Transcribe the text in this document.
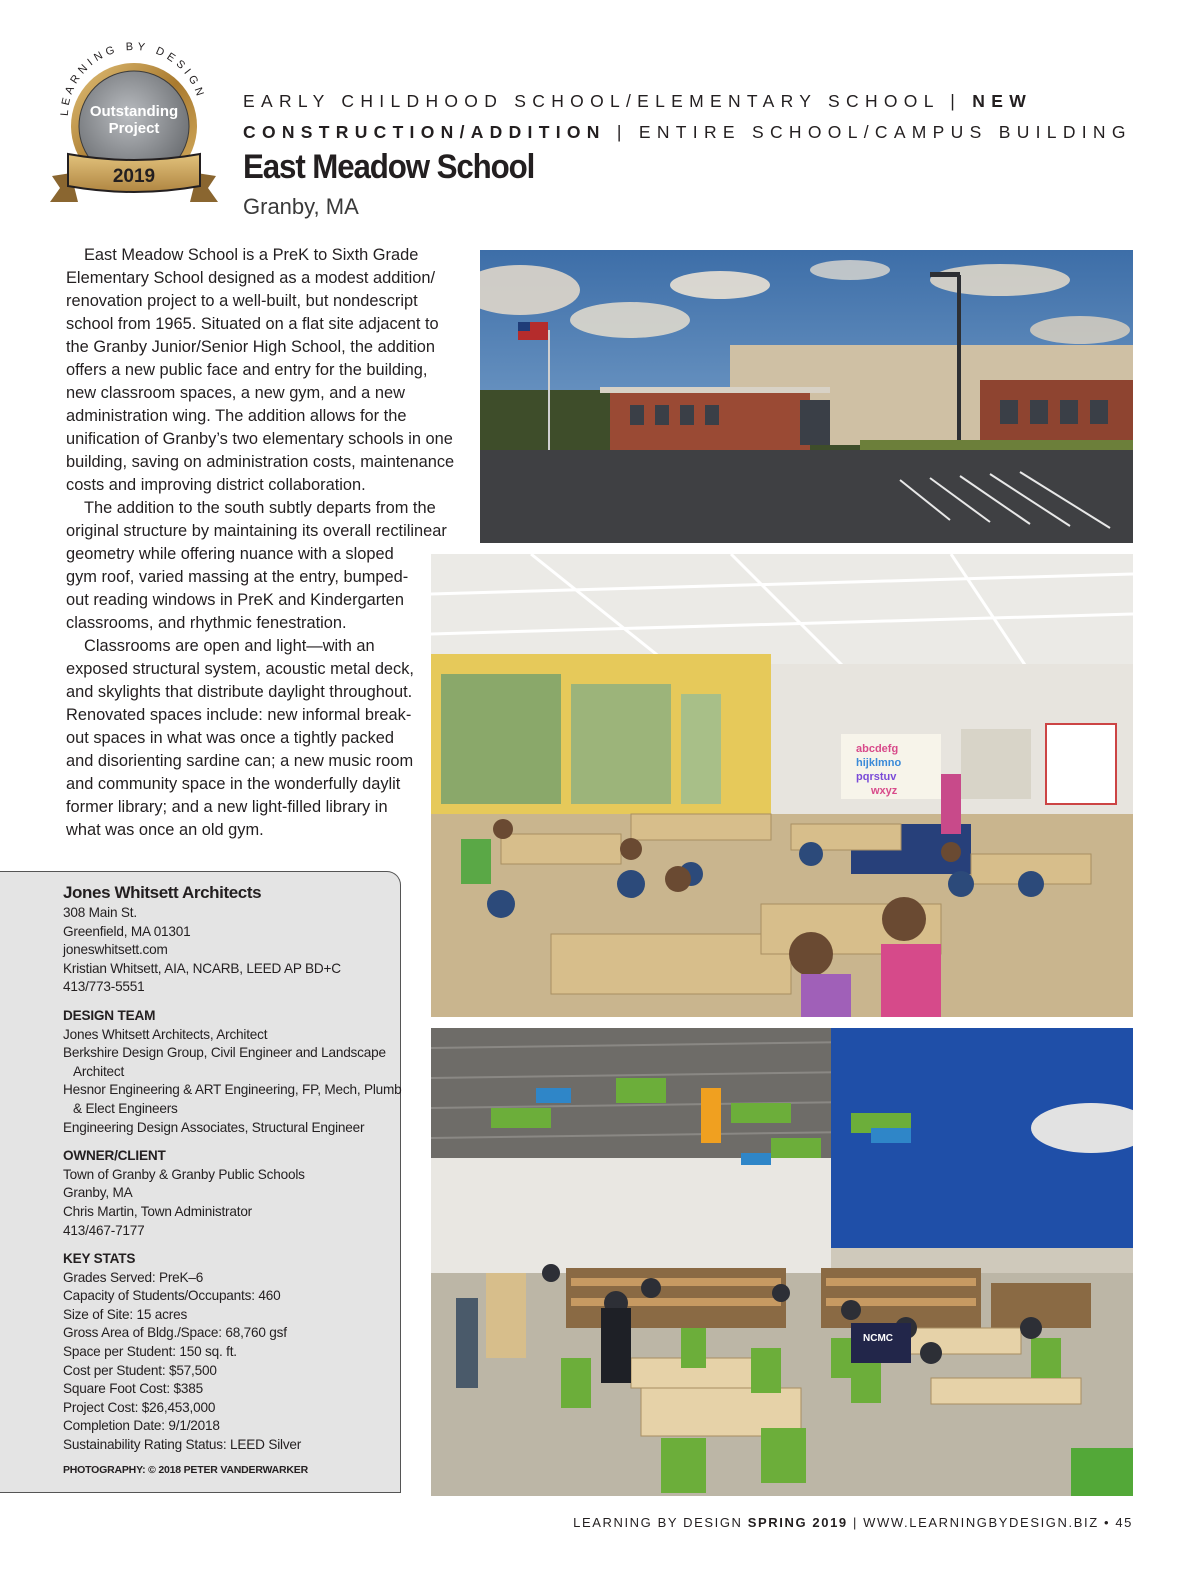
LEARNING BY DESIGN
Outstanding
Project
2019
EARLY CHILDHOOD SCHOOL/ELEMENTARY SCHOOL | NEW
CONSTRUCTION/ADDITION | ENTIRE SCHOOL/CAMPUS BUILDING
East Meadow School
Granby, MA
East Meadow School is a PreK to Sixth Grade
Elementary School designed as a modest addition/
renovation project to a well-built, but nondescript
school from 1965. Situated on a flat site adjacent to
the Granby Junior/Senior High School, the addition
offers a new public face and entry for the building,
new classroom spaces, a new gym, and a new
administration wing. The addition allows for the
unification of Granby’s two elementary schools in one
building, saving on administration costs, maintenance
costs and improving district collaboration.
The addition to the south subtly departs from the
original structure by maintaining its overall rectilinear
geometry while offering nuance with a sloped
gym roof, varied massing at the entry, bumped-
out reading windows in PreK and Kindergarten
classrooms, and rhythmic fenestration.
Classrooms are open and light—with an
exposed structural system, acoustic metal deck,
and skylights that distribute daylight throughout.
Renovated spaces include: new informal break-
out spaces in what was once a tightly packed
and disorienting sardine can; a new music room
and community space in the wonderfully daylit
former library; and a new light-filled library in
what was once an old gym.
Jones Whitsett Architects
308 Main St.
Greenfield, MA 01301
joneswhitsett.com
Kristian Whitsett, AIA, NCARB, LEED AP BD+C
413/773-5551
DESIGN TEAM
Jones Whitsett Architects, Architect
Berkshire Design Group, Civil Engineer and Landscape
Architect
Hesnor Engineering & ART Engineering, FP, Mech, Plumb
& Elect Engineers
Engineering Design Associates, Structural Engineer
OWNER/CLIENT
Town of Granby & Granby Public Schools
Granby, MA
Chris Martin, Town Administrator
413/467-7177
KEY STATS
Grades Served: PreK–6
Capacity of Students/Occupants: 460
Size of Site: 15 acres
Gross Area of Bldg./Space: 68,760 gsf
Space per Student: 150 sq. ft.
Cost per Student: $57,500
Square Foot Cost: $385
Project Cost: $26,453,000
Completion Date: 9/1/2018
Sustainability Rating Status: LEED Silver
PHOTOGRAPHY: © 2018 PETER VANDERWARKER
abcdefg
hijklmno
pqrstuv
wxyz
NCMC
LEARNING BY DESIGN SPRING 2019 | WWW.LEARNINGBYDESIGN.BIZ • 45
